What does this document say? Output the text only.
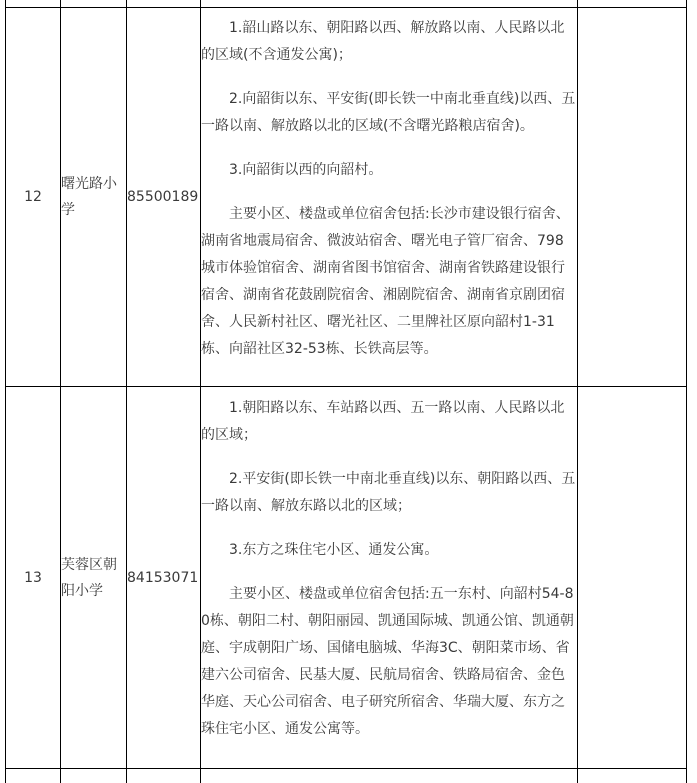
12	曙光路小学	85500189	1.韶山路以东、朝阳路以西、解放路以南、人民路以北的区域(不含通发公寓)；

2.向韶街以东、平安街(即长铁一中南北垂直线)以西、五一路以南、解放路以北的区域(不含曙光路粮店宿舍)。

3.向韶街以西的向韶村。

主要小区、楼盘或单位宿舍包括:长沙市建设银行宿舍、湖南省地震局宿舍、微波站宿舍、曙光电子管厂宿舍、798城市体验馆宿舍、湖南省图书馆宿舍、湖南省铁路建设银行宿舍、湖南省花鼓剧院宿舍、湘剧院宿舍、湖南省京剧团宿舍、人民新村社区、曙光社区、二里牌社区原向韶村1-31栋、向韶社区32-53栋、长铁高层等。	

13	芙蓉区朝阳小学	84153071	1.朝阳路以东、车站路以西、五一路以南、人民路以北的区域；

2.平安街(即长铁一中南北垂直线)以东、朝阳路以西、五一路以南、解放东路以北的区域；

3.东方之珠住宅小区、通发公寓。

主要小区、楼盘或单位宿舍包括:五一东村、向韶村54-80栋、朝阳二村、朝阳丽园、凯通国际城、凯通公馆、凯通朝庭、宇成朝阳广场、国储电脑城、华海3C、朝阳菜市场、省建六公司宿舍、民基大厦、民航局宿舍、铁路局宿舍、金色华庭、天心公司宿舍、电子研究所宿舍、华瑞大厦、东方之珠住宅小区、通发公寓等。	
